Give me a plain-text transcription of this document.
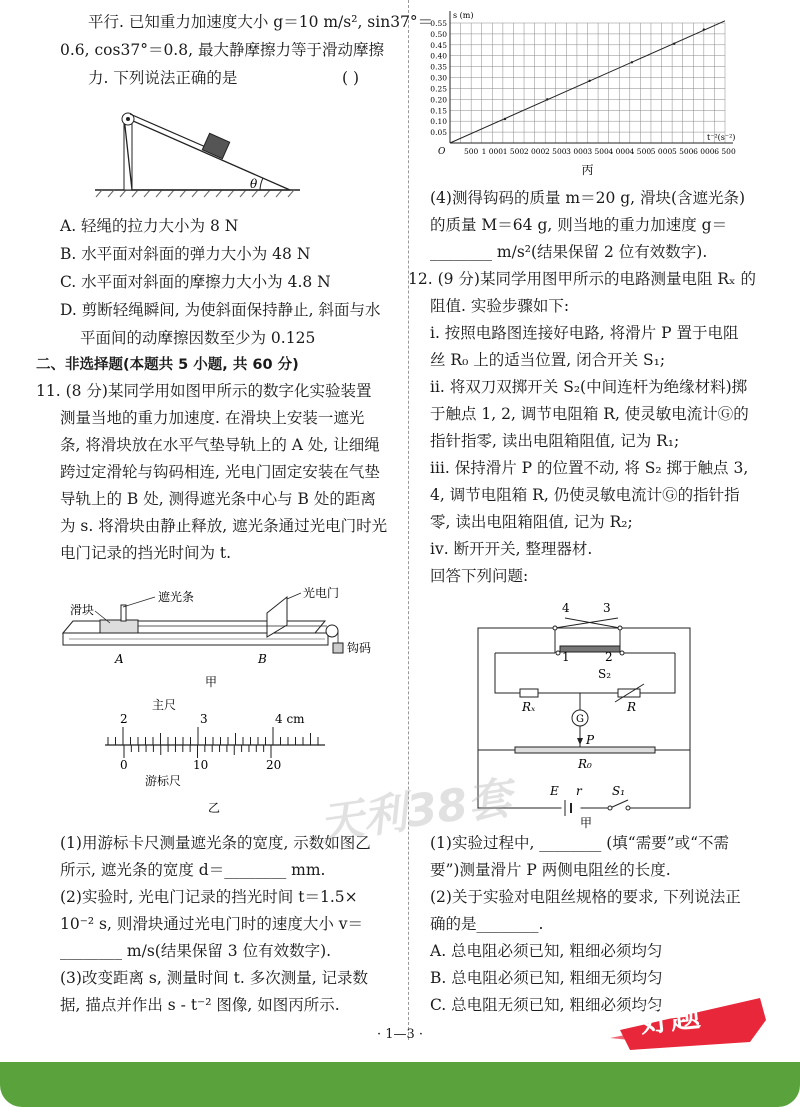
平行. 已知重力加速度大小 g＝10 m/s², sin37°＝
0.6, cos37°＝0.8, 最大静摩擦力等于滑动摩擦
力. 下列说法正确的是	( )
θ
A. 轻绳的拉力大小为 8 N
B. 水平面对斜面的弹力大小为 48 N
C. 水平面对斜面的摩擦力大小为 4.8 N
D. 剪断轻绳瞬间, 为使斜面保持静止, 斜面与水
平面间的动摩擦因数至少为 0.125
二、非选择题(本题共 5 小题, 共 60 分)
11. (8 分)某同学用如图甲所示的数字化实验装置
测量当地的重力加速度. 在滑块上安装一遮光
条, 将滑块放在水平气垫导轨上的 A 处, 让细绳
跨过定滑轮与钩码相连, 光电门固定安装在气垫
导轨上的 B 处, 测得遮光条中心与 B 处的距离
为 s. 将滑块由静止释放, 遮光条通过光电门时光
电门记录的挡光时间为 t.
遮光条
滑块
光电门
钩码
A	B
甲
主尺
2	3	4 cm
0	10	20
游标尺
乙
(1)用游标卡尺测量遮光条的宽度, 示数如图乙
所示, 遮光条的宽度 d＝________ mm.
(2)实验时, 光电门记录的挡光时间 t＝1.5×
10⁻² s, 则滑块通过光电门时的速度大小 v＝
________ m/s(结果保留 3 位有效数字).
(3)改变距离 s, 测量时间 t. 多次测量, 记录数
据, 描点并作出 s - t⁻² 图像, 如图丙所示.
500 1 000 1 500 2 000 2 500 3 000 3 500 4 000 4 500 5 000 5 500 6 000 6 500
0.05
0.10
0.15
0.20
0.25
0.30
0.35
0.40
0.45
0.50
0.55
s (m)
t⁻²(s⁻²)
O
丙
(4)测得钩码的质量 m＝20 g, 滑块(含遮光条)
的质量 M＝64 g, 则当地的重力加速度 g＝
________ m/s²(结果保留 2 位有效数字).
12. (9 分)某同学用图甲所示的电路测量电阻 Rₓ 的
阻值. 实验步骤如下:
ⅰ. 按照电路图连接好电路, 将滑片 P 置于电阻
丝 R₀ 上的适当位置, 闭合开关 S₁;
ⅱ. 将双刀双掷开关 S₂(中间连杆为绝缘材料)掷
于触点 1, 2, 调节电阻箱 R, 使灵敏电流计Ⓖ的
指针指零, 读出电阻箱阻值, 记为 R₁;
ⅲ. 保持滑片 P 的位置不动, 将 S₂ 掷于触点 3,
4, 调节电阻箱 R, 仍使灵敏电流计Ⓖ的指针指
零, 读出电阻箱阻值, 记为 R₂;
ⅳ. 断开开关, 整理器材.
回答下列问题:
4	3
1	2
S₂
Rₓ	R
G
P
R₀
E r	S₁
甲
(1)实验过程中, ________ (填“需要”或“不需
要”)测量滑片 P 两侧电阻丝的长度.
(2)关于实验对电阻丝规格的要求, 下列说法正
确的是________.
A. 总电阻必须已知, 粗细必须均匀
B. 总电阻必须已知, 粗细无须均匀
C. 总电阻无须已知, 粗细必须均匀
天利38套
好题
· 1—3 ·
